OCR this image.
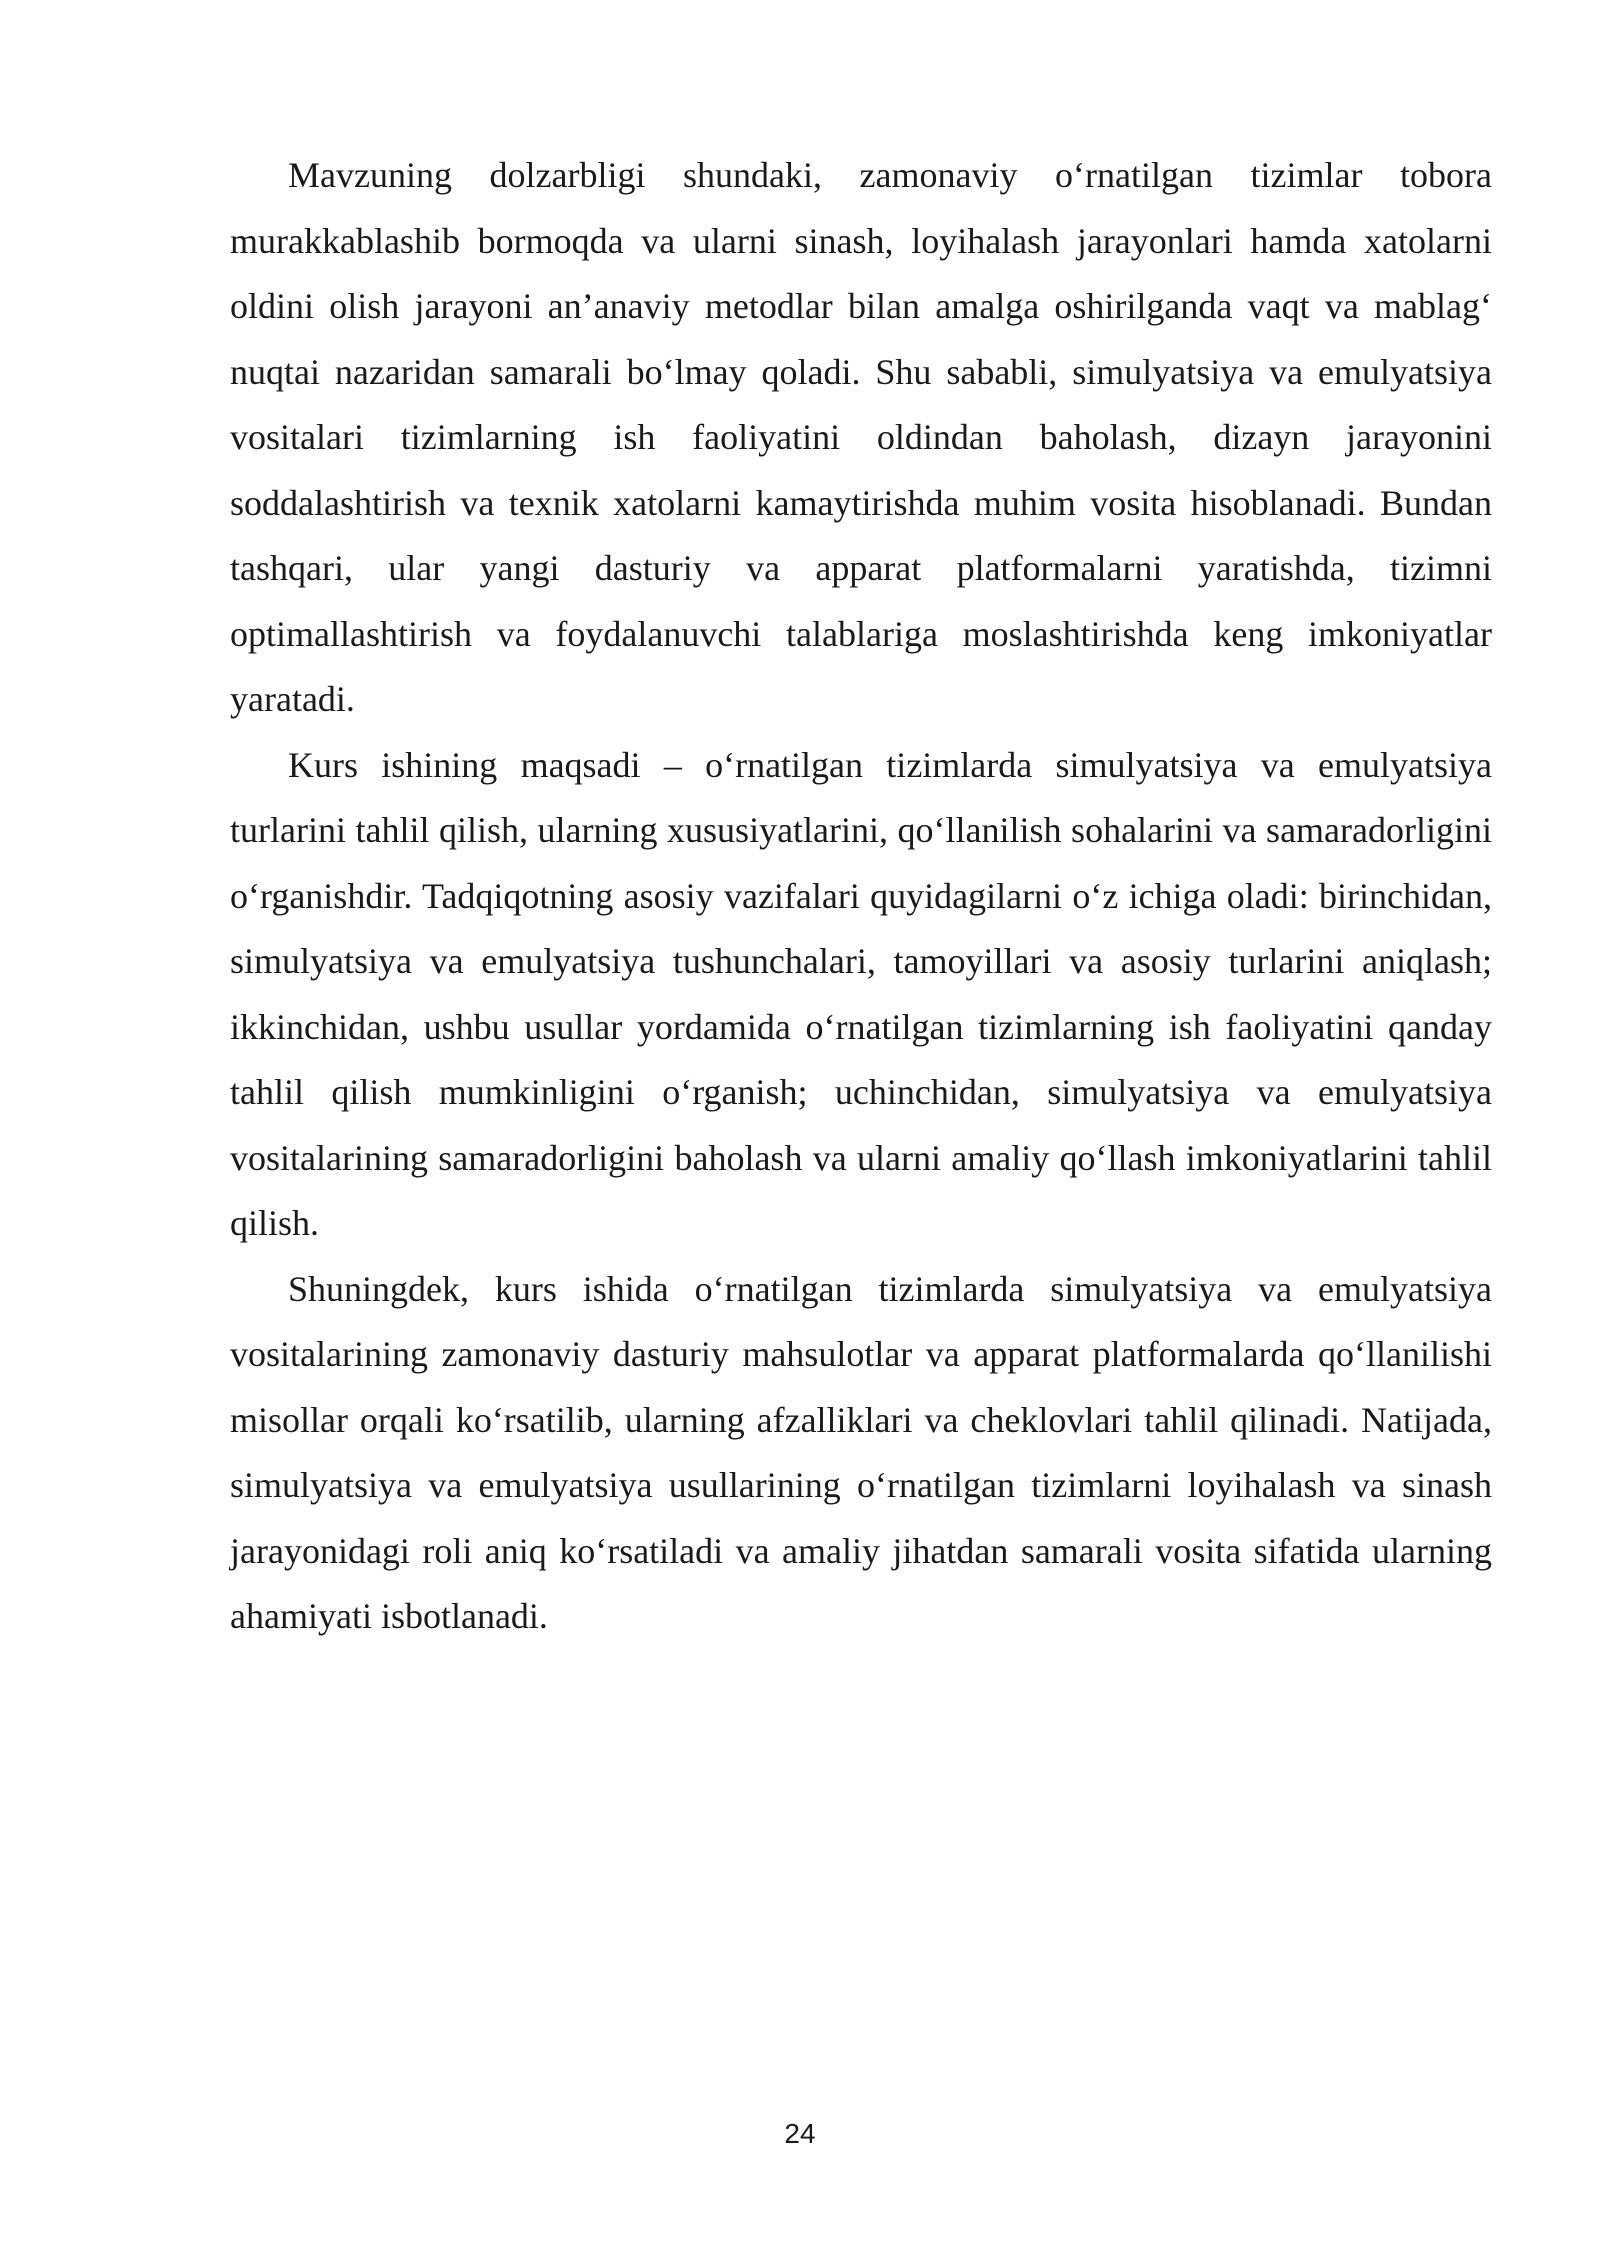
Mavzuning dolzarbligi shundaki, zamonaviy o‘rnatilgan tizimlar tobora murakkablashib bormoqda va ularni sinash, loyihalash jarayonlari hamda xatolarni oldini olish jarayoni an’anaviy metodlar bilan amalga oshirilganda vaqt va mablag‘ nuqtai nazaridan samarali bo‘lmay qoladi. Shu sababli, simulyatsiya va emulyatsiya vositalari tizimlarning ish faoliyatini oldindan baholash, dizayn jarayonini soddalashtirish va texnik xatolarni kamaytirishda muhim vosita hisoblanadi. Bundan tashqari, ular yangi dasturiy va apparat platformalarni yaratishda, tizimni optimallashtirish va foydalanuvchi talablariga moslashtirishda keng imkoniyatlar yaratadi.

Kurs ishining maqsadi – o‘rnatilgan tizimlarda simulyatsiya va emulyatsiya turlarini tahlil qilish, ularning xususiyatlarini, qo‘llanilish sohalarini va samaradorligini o‘rganishdir. Tadqiqotning asosiy vazifalari quyidagilarni o‘z ichiga oladi: birinchidan, simulyatsiya va emulyatsiya tushunchalari, tamoyillari va asosiy turlarini aniqlash; ikkinchidan, ushbu usullar yordamida o‘rnatilgan tizimlarning ish faoliyatini qanday tahlil qilish mumkinligini o‘rganish; uchinchidan, simulyatsiya va emulyatsiya vositalarining samaradorligini baholash va ularni amaliy qo‘llash imkoniyatlarini tahlil qilish.

Shuningdek, kurs ishida o‘rnatilgan tizimlarda simulyatsiya va emulyatsiya vositalarining zamonaviy dasturiy mahsulotlar va apparat platformalarda qo‘llanilishi misollar orqali ko‘rsatilib, ularning afzalliklari va cheklovlari tahlil qilinadi. Natijada, simulyatsiya va emulyatsiya usullarining o‘rnatilgan tizimlarni loyihalash va sinash jarayonidagi roli aniq ko‘rsatiladi va amaliy jihatdan samarali vosita sifatida ularning ahamiyati isbotlanadi.

24
